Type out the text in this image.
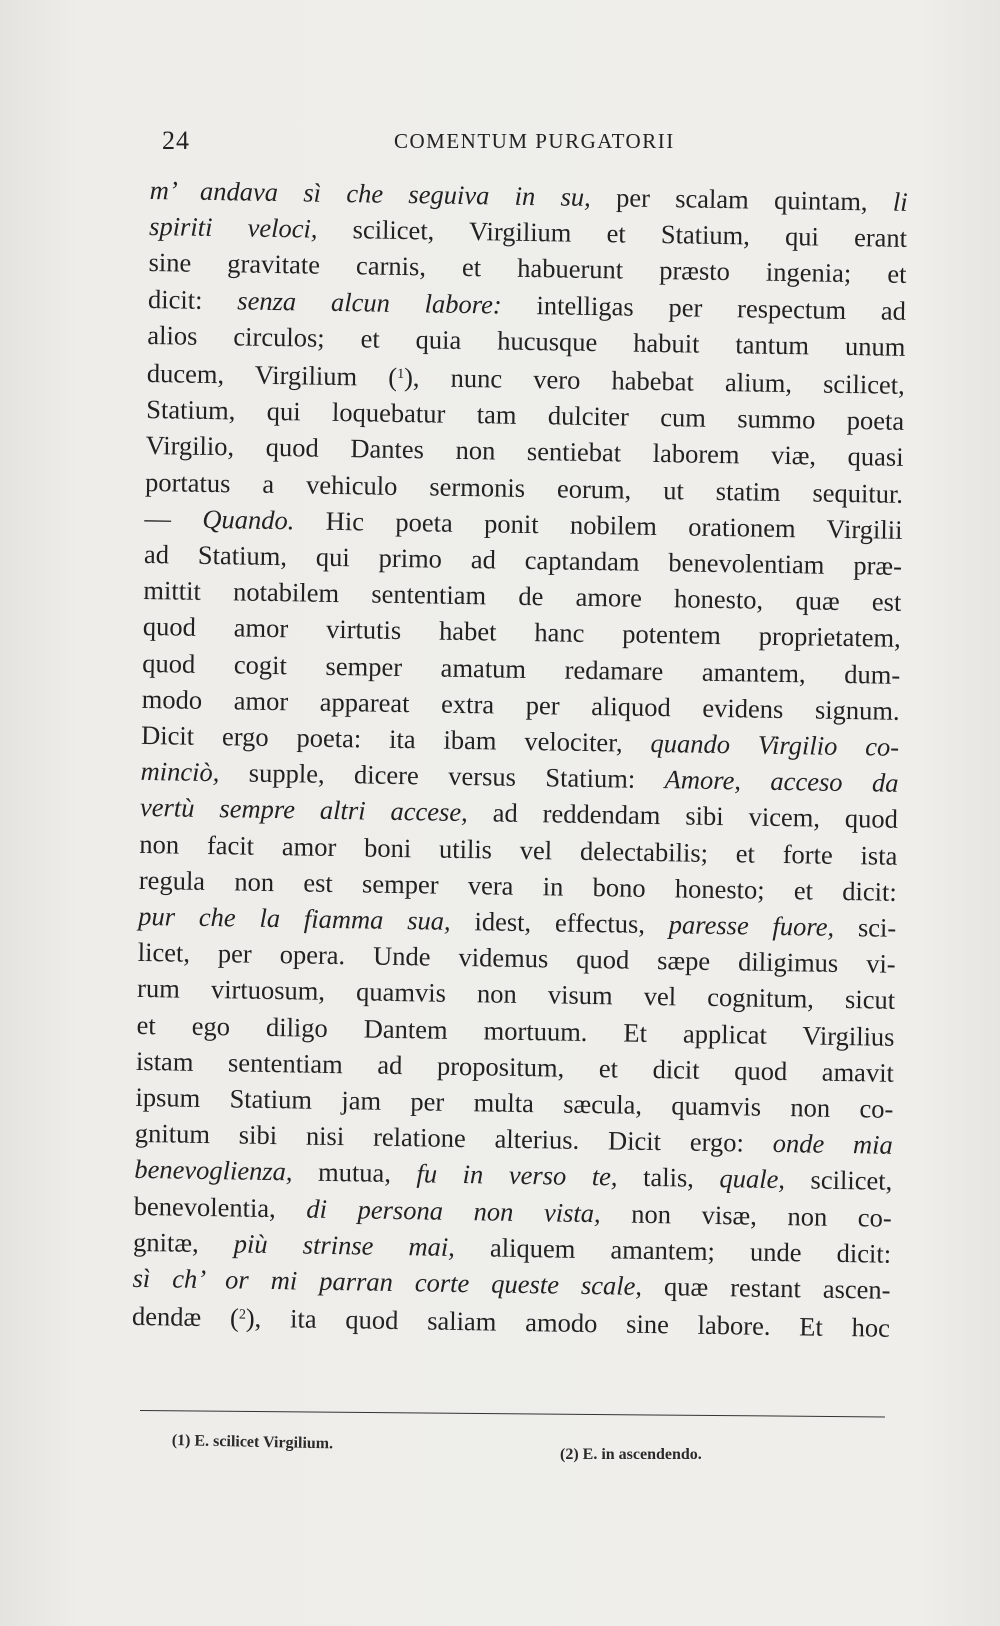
24	COMENTUM PURGATORII
m’ andava sì che seguiva in su, per scalam quintam, li
spiriti veloci, scilicet, Virgilium et Statium, qui erant
sine gravitate carnis, et habuerunt præsto ingenia; et
dicit: senza alcun labore: intelligas per respectum ad
alios circulos; et quia hucusque habuit tantum unum
ducem, Virgilium ($^1$), nunc vero habebat alium, scilicet,
Statium, qui loquebatur tam dulciter cum summo poeta
Virgilio, quod Dantes non sentiebat laborem viæ, quasi
portatus a vehiculo sermonis eorum, ut statim sequitur.
— Quando. Hic poeta ponit nobilem orationem Virgilii
ad Statium, qui primo ad captandam benevolentiam præ-
mittit notabilem sententiam de amore honesto, quæ est
quod amor virtutis habet hanc potentem proprietatem,
quod cogit semper amatum redamare amantem, dum-
modo amor appareat extra per aliquod evidens signum.
Dicit ergo poeta: ita ibam velociter, quando Virgilio co-
minciò, supple, dicere versus Statium: Amore, acceso da
vertù sempre altri accese, ad reddendam sibi vicem, quod
non facit amor boni utilis vel delectabilis; et forte ista
regula non est semper vera in bono honesto; et dicit:
pur che la fiamma sua, idest, effectus, paresse fuore, sci-
licet, per opera. Unde videmus quod sæpe diligimus vi-
rum virtuosum, quamvis non visum vel cognitum, sicut
et ego diligo Dantem mortuum. Et applicat Virgilius
istam sententiam ad propositum, et dicit quod amavit
ipsum Statium jam per multa sæcula, quamvis non co-
gnitum sibi nisi relatione alterius. Dicit ergo: onde mia
benevoglienza, mutua, fu in verso te, talis, quale, scilicet,
benevolentia, di persona non vista, non visæ, non co-
gnitæ, più strinse mai, aliquem amantem; unde dicit:
sì ch’ or mi parran corte queste scale, quæ restant ascen-
dendæ ($^2$), ita quod saliam amodo sine labore. Et hoc
(1) E. scilicet Virgilium.
(2) E. in ascendendo.
